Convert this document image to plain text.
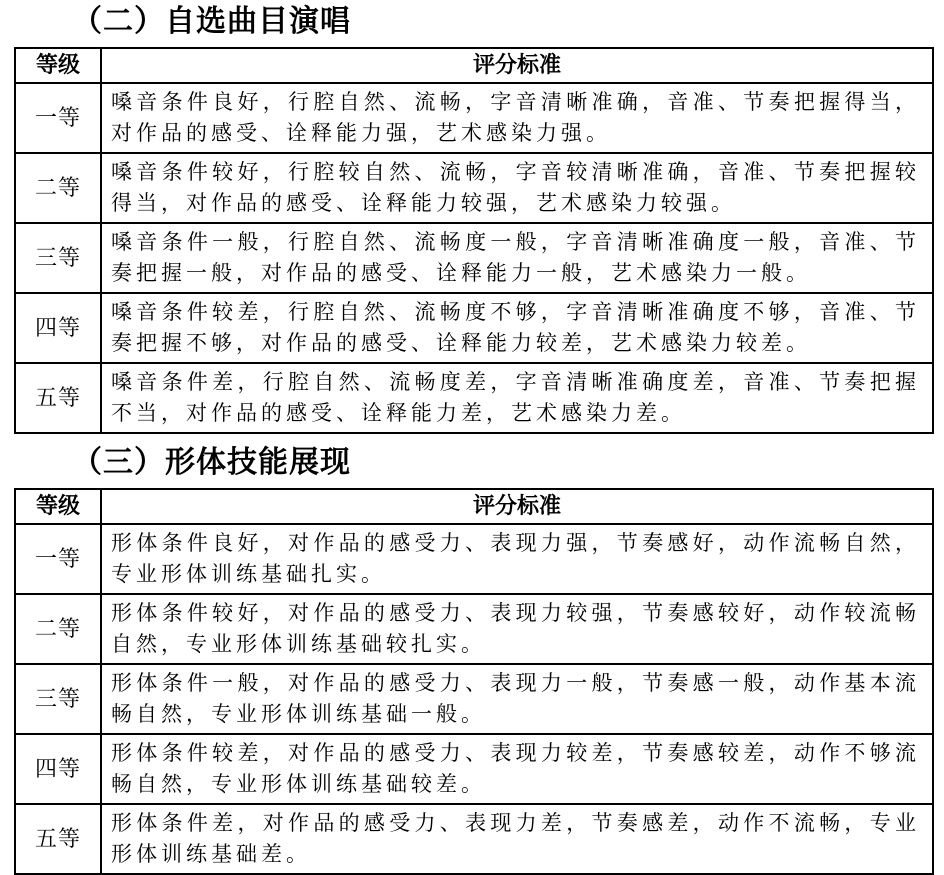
（二）自选曲目演唱
等级	评分标准
一等	嗓音条件良好，行腔自然、流畅，字音清晰准确，音准、节奏把握得当，对作品的感受、诠释能力强，艺术感染力强。
二等	嗓音条件较好，行腔较自然、流畅，字音较清晰准确，音准、节奏把握较得当，对作品的感受、诠释能力较强，艺术感染力较强。
三等	嗓音条件一般，行腔自然、流畅度一般，字音清晰准确度一般，音准、节奏把握一般，对作品的感受、诠释能力一般，艺术感染力一般。
四等	嗓音条件较差，行腔自然、流畅度不够，字音清晰准确度不够，音准、节奏把握不够，对作品的感受、诠释能力较差，艺术感染力较差。
五等	嗓音条件差，行腔自然、流畅度差，字音清晰准确度差，音准、节奏把握不当，对作品的感受、诠释能力差，艺术感染力差。
（三）形体技能展现
等级	评分标准
一等	形体条件良好，对作品的感受力、表现力强，节奏感好，动作流畅自然，专业形体训练基础扎实。
二等	形体条件较好，对作品的感受力、表现力较强，节奏感较好，动作较流畅自然，专业形体训练基础较扎实。
三等	形体条件一般，对作品的感受力、表现力一般，节奏感一般，动作基本流畅自然，专业形体训练基础一般。
四等	形体条件较差，对作品的感受力、表现力较差，节奏感较差，动作不够流畅自然，专业形体训练基础较差。
五等	形体条件差，对作品的感受力、表现力差，节奏感差，动作不流畅，专业形体训练基础差。
